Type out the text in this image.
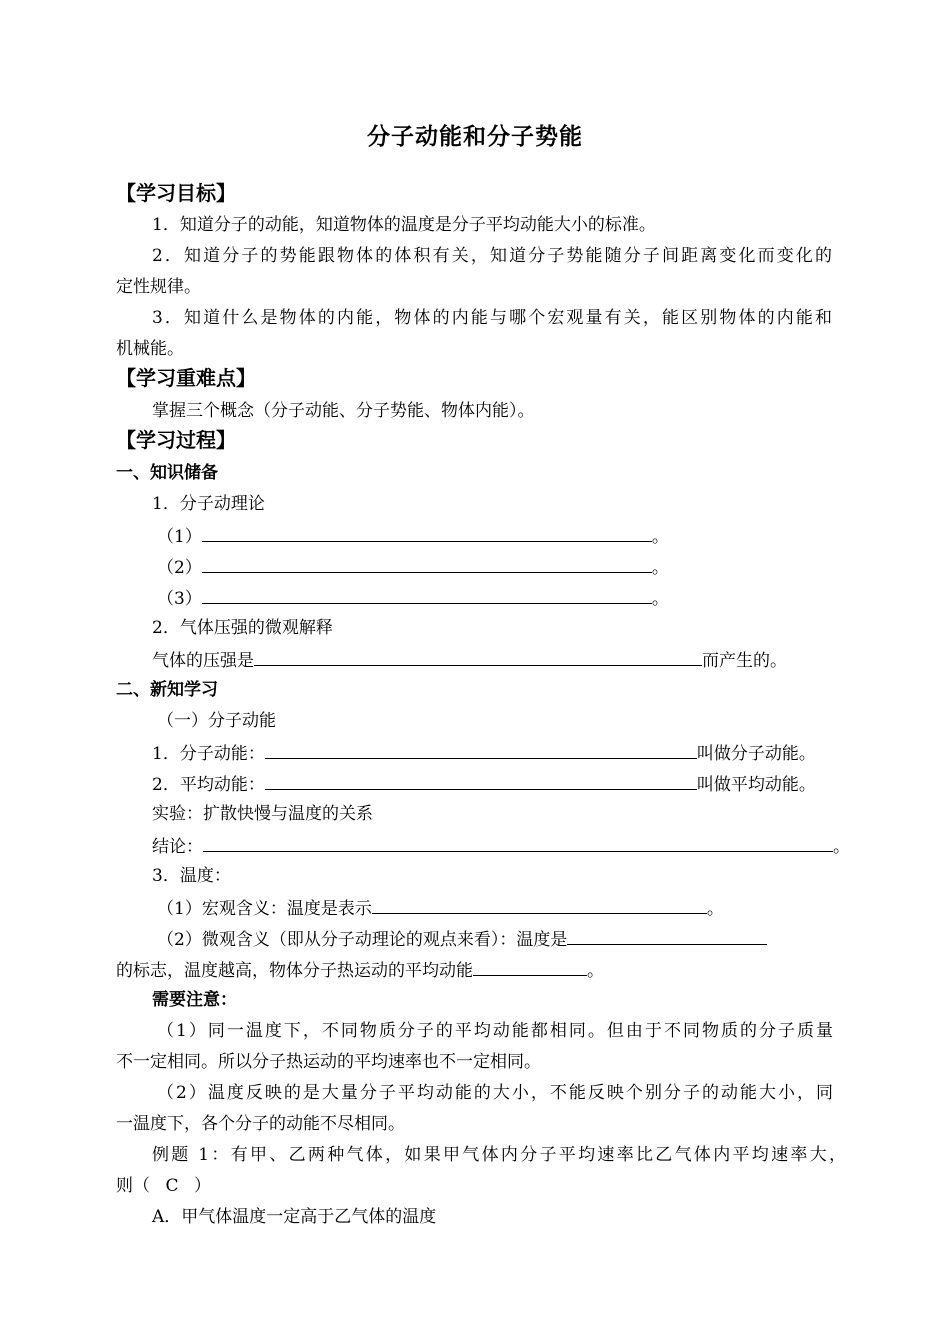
分子动能和分子势能
【学习目标】
1．知道分子的动能，知道物体的温度是分子平均动能大小的标准。
2．知道分子的势能跟物体的体积有关，知道分子势能随分子间距离变化而变化的
定性规律。
3．知道什么是物体的内能，物体的内能与哪个宏观量有关，能区别物体的内能和
机械能。
【学习重难点】
掌握三个概念（分子动能、分子势能、物体内能）。
【学习过程】
一、知识储备
1．分子动理论
（1）	。
（2）	。
（3）	。
2．气体压强的微观解释
气体的压强是	而产生的。
二、新知学习
（一）分子动能
1．分子动能：	叫做分子动能。
2．平均动能：	叫做平均动能。
实验：扩散快慢与温度的关系
结论：	。
3．温度：
（1）宏观含义：温度是表示	。
（2）微观含义（即从分子动理论的观点来看）：温度是
的标志，温度越高，物体分子热运动的平均动能	。
需要注意：
（1）同一温度下，不同物质分子的平均动能都相同。但由于不同物质的分子质量
不一定相同。所以分子热运动的平均速率也不一定相同。
（2）温度反映的是大量分子平均动能的大小，不能反映个别分子的动能大小，同
一温度下，各个分子的动能不尽相同。
例题 1：有甲、乙两种气体，如果甲气体内分子平均速率比乙气体内平均速率大，
则（ C ）
A．甲气体温度一定高于乙气体的温度
